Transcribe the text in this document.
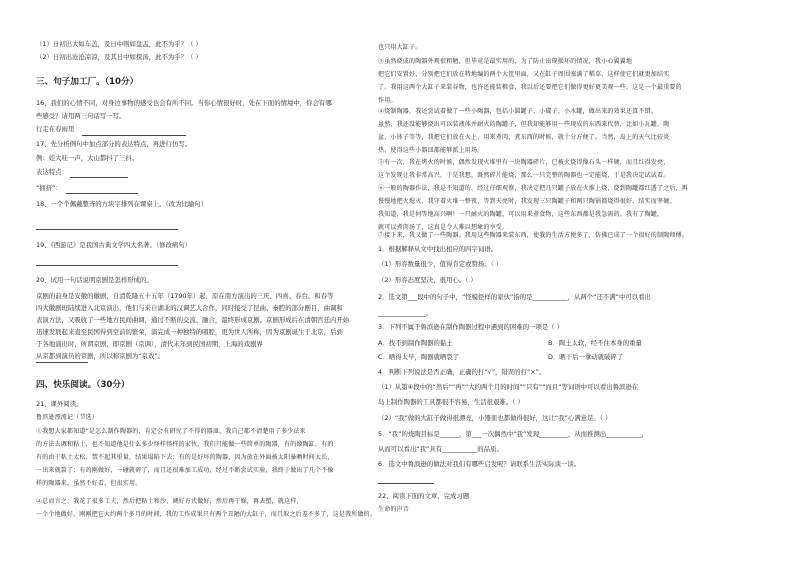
（1）日初出大如车盖，及日中则如盘盂，此不为乎？（ ）
（2）日初出沧沧凉凉，及其日中如探汤，此不为乎？（ ）
三、句子加工厂。（10分）
16、我们的心情不同，对身边事物的感受也会有所不同。当你心情很好时，处在下面的情境中，你会有哪
些感受？请用两三句话写一写。
行走在春雨里
17、先分析例句中加点部分的表达特点，再进行仿写。
例：娃大哇一声，大山都抖了三抖。
表达特点：
“拥挤”：
18、一个个佩戴整齐的方块字排列在课桌上。（改为比喻句）
19、《西游记》是我国古典文学四大名著。（修改病句）
20、试用一句话说明京剧是怎样形成的。
京剧的前身是安徽的徽剧，自清乾隆五十五年（1790年）起，原在南方演出的三庆、四喜、春台、和春等
四大徽剧班陆续进入北京演出，他们与来自湖北的汉调艺人合作，同时接受了昆曲、秦腔的部分剧目、曲调和
表演方法，又吸收了一些地方民间曲调，通过不断的交流、融合，最终形成京剧。京剧形成后在清朝宫廷内开始
迅速发展起来直至民国得到空前的繁荣，演完成一种独特的唱腔，更为世人所称，因为京剧诞生于北京，后到
于各地演出时，所谓京剧，即京剧（京调），清代末年到民国初期，上海的戏剧界
从京都到演员的京剧，所以称京剧为“京戏”。
四、快乐阅读。（30分）
21、课外阅读。
鲁滨逊漂流记（节选）
①我想大家都知道“是怎么制作陶器的，肯定会有研究了不得的器皿，我自己都不清楚用了多少法来
的方法去调和粘土，也不知道他是什么多少怪样怪样的家伙，我们只能做一些简单的陶器，有的像陶缸，有的
有的由于粘土太松，禁不起其重量，结果塌陷下去；有的是好坏的陶器，因为放在外面被太阳暴晒时间太长，
一出来就裂了；有的刚做好，一碰就碎了，而且还很难加工成功，经过不断尝试实验，我终于做出了几个不像
样的陶器来，虽然不好看，但很实用。
②总而言之，我花了很多工夫，然后把粘土和沙，调好方式做好，然后再干燥，再去塑，就这样，
一个个地做好。刚刚把它大约两个多月的时间，我的工作成果只有两个丑陋的大缸子，而且取之后差不多了，这是我所做的。
也只用大缸子。
③虽然烧成的陶器外观很粗陋，但毕竟是最实用的，为了防止出现损坏的情况，我小心翼翼地
把它们安置好，分别把它们放在特地编的两个大筐里面，又在缸子周围塞满了稻草，这样使它们就更加结实
了。我用这两个大缸子来装谷物，也许还能装粮食，我以后还要把它们做得更好更美观一些。这是一个最重要的
作用。
④烧制陶器，我还尝试着做了一些小陶器，包括小圆罐子、小碟子、小水罐，做出来的效果还算不错。
虽然，我还没能够烧出可以装液体并耐火的陶罐子，但我却能够用一些现成的东西来代替，比如小瓦罐、陶
盆、小钵子等等，我把它们放在火上，用来煮肉，煮东西的时候，就十分方便了。当然，岛上的天气比较炎
热，使得这些小器皿都能够派上用场。
⑤有一次，我在烤火的时候，偶然发现火堆里有一块陶器碎片，已被火烧得像石头一样硬，而且红得发亮，
这个发现让我非常高兴，于是我想，既然碎片能烧，那么一只完整的陶器也一定能烧，于是我决定试试看。
⑥一般的陶器作法，我是不知道的，经过仔细观察，我决定把几只罐子放在火堆上烧，烧到陶罐都红透了之后，再
慢慢地把火熄灭，我守着火堆一整夜，等到天亮时，我发现三只陶罐子和两只陶锅都烧得很好，结实而坚硬。
我知道，我是何等地高兴啊！一只耐火的陶罐，可以用来煮食物，这些东西都是我急需的。我有了陶罐，
就可以煮肉汤了，这真是令人难以想象的享受。
⑦接下来，我又做了一些陶器。我用这些陶器来装东西，使我的生活方便多了，仿佛已成了一个很好的制陶师傅。
1．根据解释从文中找出相应的四字词语。
（1）形容数量很少，值得肯定或赞扬。（ ）
（2）形容态度坚决，很用心。（ ）
2．选文第___段中的句子中，“怪模怪样的家伙”指的是___________，从两个“还不满”中可以看出
_______________。
3．下列不属于鲁滨逊在制作陶器过程中遇到的困难的一项是（ ）
A．找不到制作陶器的黏土	B．陶土太软，经不住本身的重量
C．晒得太早，陶器就晒裂了	D．晒干后一拿动就破碎了
4．判断下列说法是否正确，正确的打“√”，错误的打“×”。
（1）从第④段中的“然后”“再”“大约两个月的时间”“只有”“而且”等词语中可以看出鲁滨逊在
岛上制作陶器的工具都很不容易，生活很艰难。（ ）
（2）“我”做的大缸子做得很漂亮，小器皿也都做得很好，这让“我”心满意足。（ ）
5．“我”的烧陶目标是______，第___一次偶然中“我”发现_________，从而推测出___________，
从而可以看出“我”具有___________的品质。
6．选文中鲁滨逊的做法对我们有哪些启发呢？请联系生活实际谈一谈。
22、阅读下面的文章，完成习题
生命的声音
